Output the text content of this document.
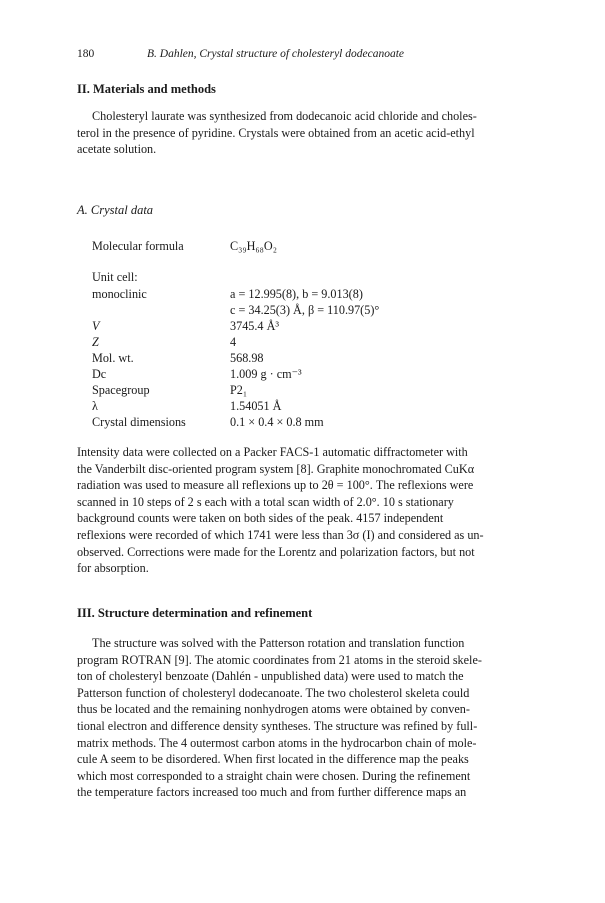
180	B. Dahlen, Crystal structure of cholesteryl dodecanoate
II. Materials and methods
Cholesteryl laurate was synthesized from dodecanoic acid chloride and choles-
terol in the presence of pyridine. Crystals were obtained from an acetic acid-ethyl
acetate solution.
A. Crystal data
Molecular formula	C₃₉H₆₈O₂
Unit cell:
monoclinic	a = 12.995(8), b = 9.013(8)
c = 34.25(3) Å, β = 110.97(5)°
V	3745.4 Å³
Z	4
Mol. wt.	568.98
Dc	1.009 g · cm⁻³
Spacegroup	P2₁
λ	1.54051 Å
Crystal dimensions	0.1 × 0.4 × 0.8 mm
Intensity data were collected on a Packer FACS-1 automatic diffractometer with
the Vanderbilt disc-oriented program system [8]. Graphite monochromated CuKα
radiation was used to measure all reflexions up to 2θ = 100°. The reflexions were
scanned in 10 steps of 2 s each with a total scan width of 2.0°. 10 s stationary
background counts were taken on both sides of the peak. 4157 independent
reflexions were recorded of which 1741 were less than 3σ (I) and considered as un-
observed. Corrections were made for the Lorentz and polarization factors, but not
for absorption.
III. Structure determination and refinement
The structure was solved with the Patterson rotation and translation function
program ROTRAN [9]. The atomic coordinates from 21 atoms in the steroid skele-
ton of cholesteryl benzoate (Dahlén - unpublished data) were used to match the
Patterson function of cholesteryl dodecanoate. The two cholesterol skeleta could
thus be located and the remaining nonhydrogen atoms were obtained by conven-
tional electron and difference density syntheses. The structure was refined by full-
matrix methods. The 4 outermost carbon atoms in the hydrocarbon chain of mole-
cule A seem to be disordered. When first located in the difference map the peaks
which most corresponded to a straight chain were chosen. During the refinement
the temperature factors increased too much and from further difference maps an
